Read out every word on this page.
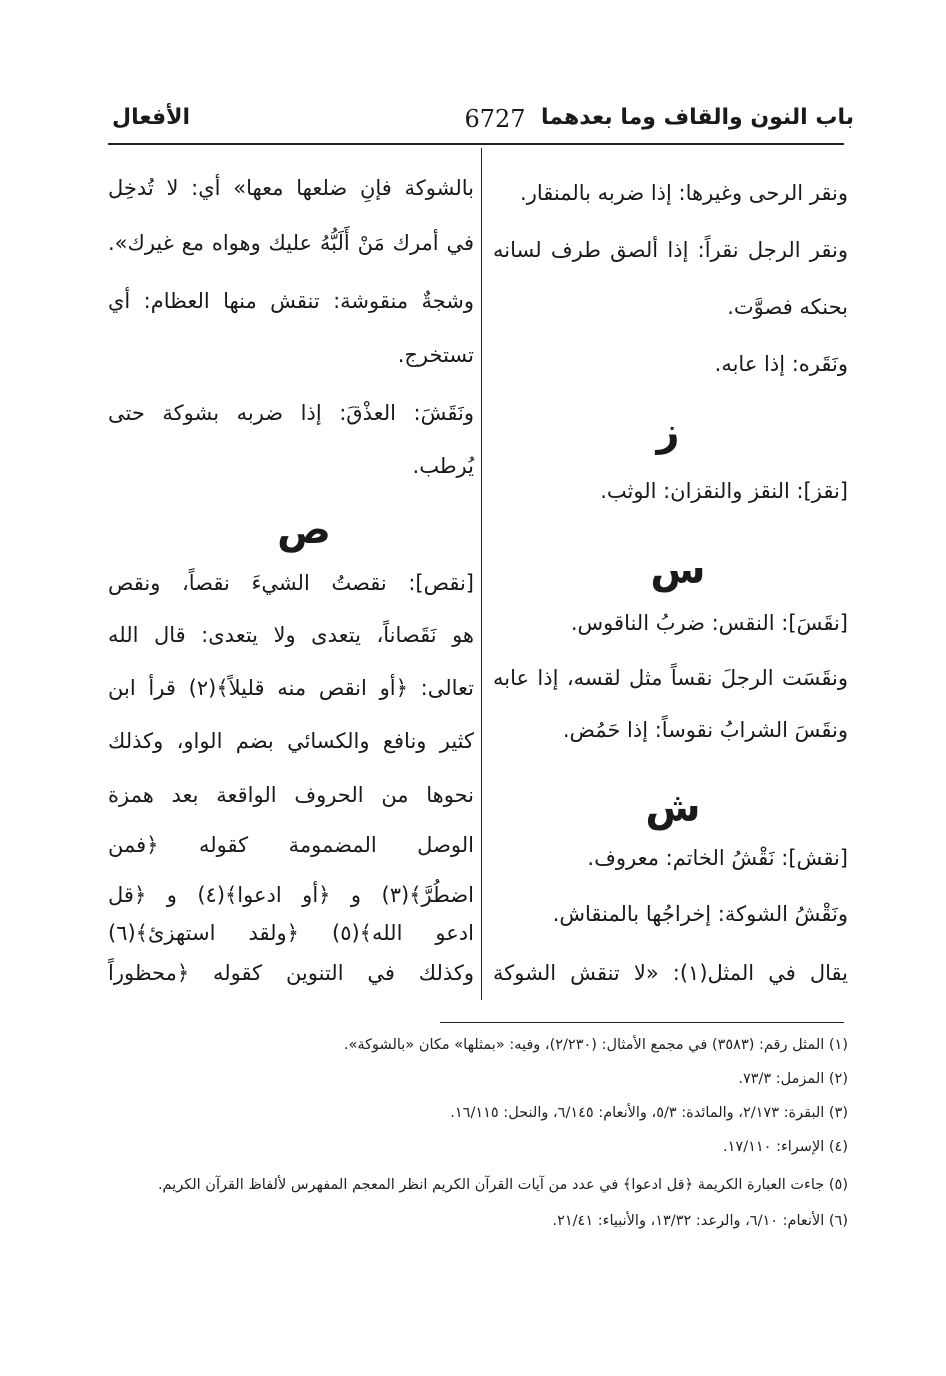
باب النون والقاف وما بعدهما
6727
الأفعال
ونقر الرحى وغيرها: إذا ضربه بالمنقار.
ونقر الرجل نقراً: إذا ألصق طرف لسانه
بحنكه فصوَّت.
ونَقَره: إذا عابه.
ز
[نقز]: النقز والنقزان: الوثب.
س
[نقَسَ]: النقس: ضربُ الناقوس.
ونقَسَت الرجلَ نقساً مثل لقسه، إذا عابه
ونقَسَ الشرابُ نقوساً: إذا حَمُض.
ش
[نقش]: نَقْشُ الخاتم: معروف.
ونَقْشُ الشوكة: إخراجُها بالمنقاش.
يقال في المثل(١): «لا تنقش الشوكة
بالشوكة فإنِ ضلعها معها» أي: لا تُدخِل
في أمرك مَنْ أَلَبُّهُ عليك وهواه مع غيرك».
وشجةٌ منقوشة: تنقش منها العظام: أي
تستخرج.
ونَقَشَ: العذْقَ: إذا ضربه بشوكة حتى
يُرطب.
ص
[نقص]: نقصتُ الشيءَ نقصاً، ونقص
هو نَقَصاناً، يتعدى ولا يتعدى: قال الله
تعالى: ﴿أو انقص منه قليلاً﴾(٢) قرأ ابن
كثير ونافع والكسائي بضم الواو، وكذلك
نحوها من الحروف الواقعة بعد همزة
الوصل المضمومة كقوله ﴿فمن
اضطُرَّ﴾(٣) و ﴿أو ادعوا﴾(٤) و ﴿قل
ادعو الله﴾(٥) ﴿ولقد استهزئ﴾(٦)
وكذلك في التنوين كقوله ﴿محظوراً
(١) المثل رقم: (٣٥٨٣) في مجمع الأمثال: (٢/٢٣٠)، وفيه: «بمثلها» مكان «بالشوكة».
(٢) المزمل: ٧٣/٣.
(٣) البقرة: ٢/١٧٣، والمائدة: ٥/٣، والأنعام: ٦/١٤٥، والنحل: ١٦/١١٥.
(٤) الإسراء: ١٧/١١٠.
(٥) جاءت العبارة الكريمة ﴿قل ادعوا﴾ في عدد من آيات القرآن الكريم انظر المعجم المفهرس لألفاظ القرآن الكريم.
(٦) الأنعام: ٦/١٠، والرعد: ١٣/٣٢، والأنبياء: ٢١/٤١.
